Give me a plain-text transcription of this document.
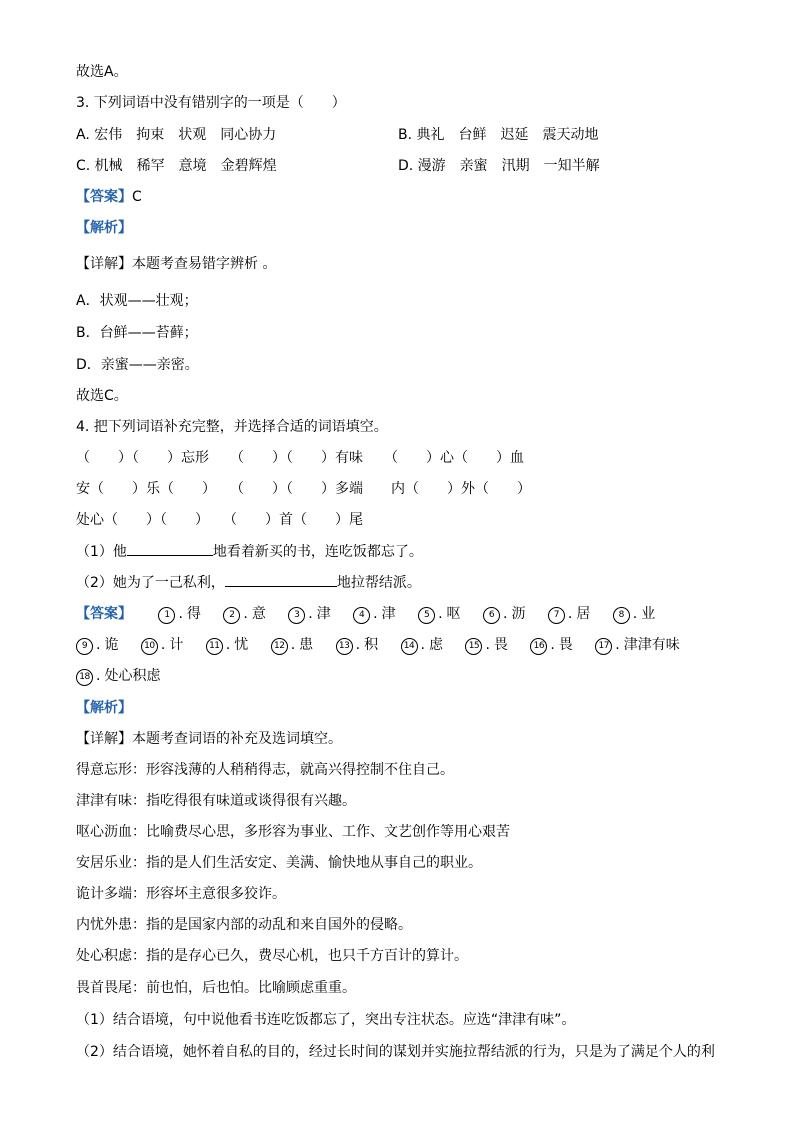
故选A。
3. 下列词语中没有错别字的一项是（　　）
A. 宏伟　拘束　状观　同心协力	B. 典礼　台鲜　迟延　震天动地
C. 机械　稀罕　意境　金碧辉煌	D. 漫游　亲蜜　汛期　一知半解
【答案】C
【解析】
【详解】本题考查易错字辨析 。
A．状观——壮观；
B．台鲜——苔藓；
D．亲蜜——亲密。
故选C。
4. 把下列词语补充完整，并选择合适的词语填空。
（　　）（　　）忘形　　（　　）（　　）有味　　（　　）心（　　）血
安（　　）乐（　　）　　（　　）（　　）多端　　内（　　）外（　　）
处心（　　）（　　）　　（　　）首（　　）尾
（1）他	地看着新买的书，连吃饭都忘了。
（2）她为了一己私利，	地拉帮结派。
【答案】	1 . 得	2 . 意	3 . 津	4 . 津	5 . 呕	6 . 沥	7 . 居	8 . 业
9 . 诡	10 . 计	11 . 忧	12 . 患	13 . 积	14 . 虑	15 . 畏	16 . 畏	17 . 津津有味
18 . 处心积虑
【解析】
【详解】本题考查词语的补充及选词填空。
得意忘形：形容浅薄的人稍稍得志，就高兴得控制不住自己。
津津有味：指吃得很有味道或谈得很有兴趣。
呕心沥血：比喻费尽心思，多形容为事业、工作、文艺创作等用心艰苦
安居乐业：指的是人们生活安定、美满、愉快地从事自己的职业。
诡计多端：形容坏主意很多狡诈。
内忧外患：指的是国家内部的动乱和来自国外的侵略。
处心积虑：指的是存心已久，费尽心机，也只千方百计的算计。
畏首畏尾：前也怕，后也怕。比喻顾虑重重。
（1）结合语境，句中说他看书连吃饭都忘了，突出专注状态。应选“津津有味”。
（2）结合语境，她怀着自私的目的，经过长时间的谋划并实施拉帮结派的行为，只是为了满足个人的利
